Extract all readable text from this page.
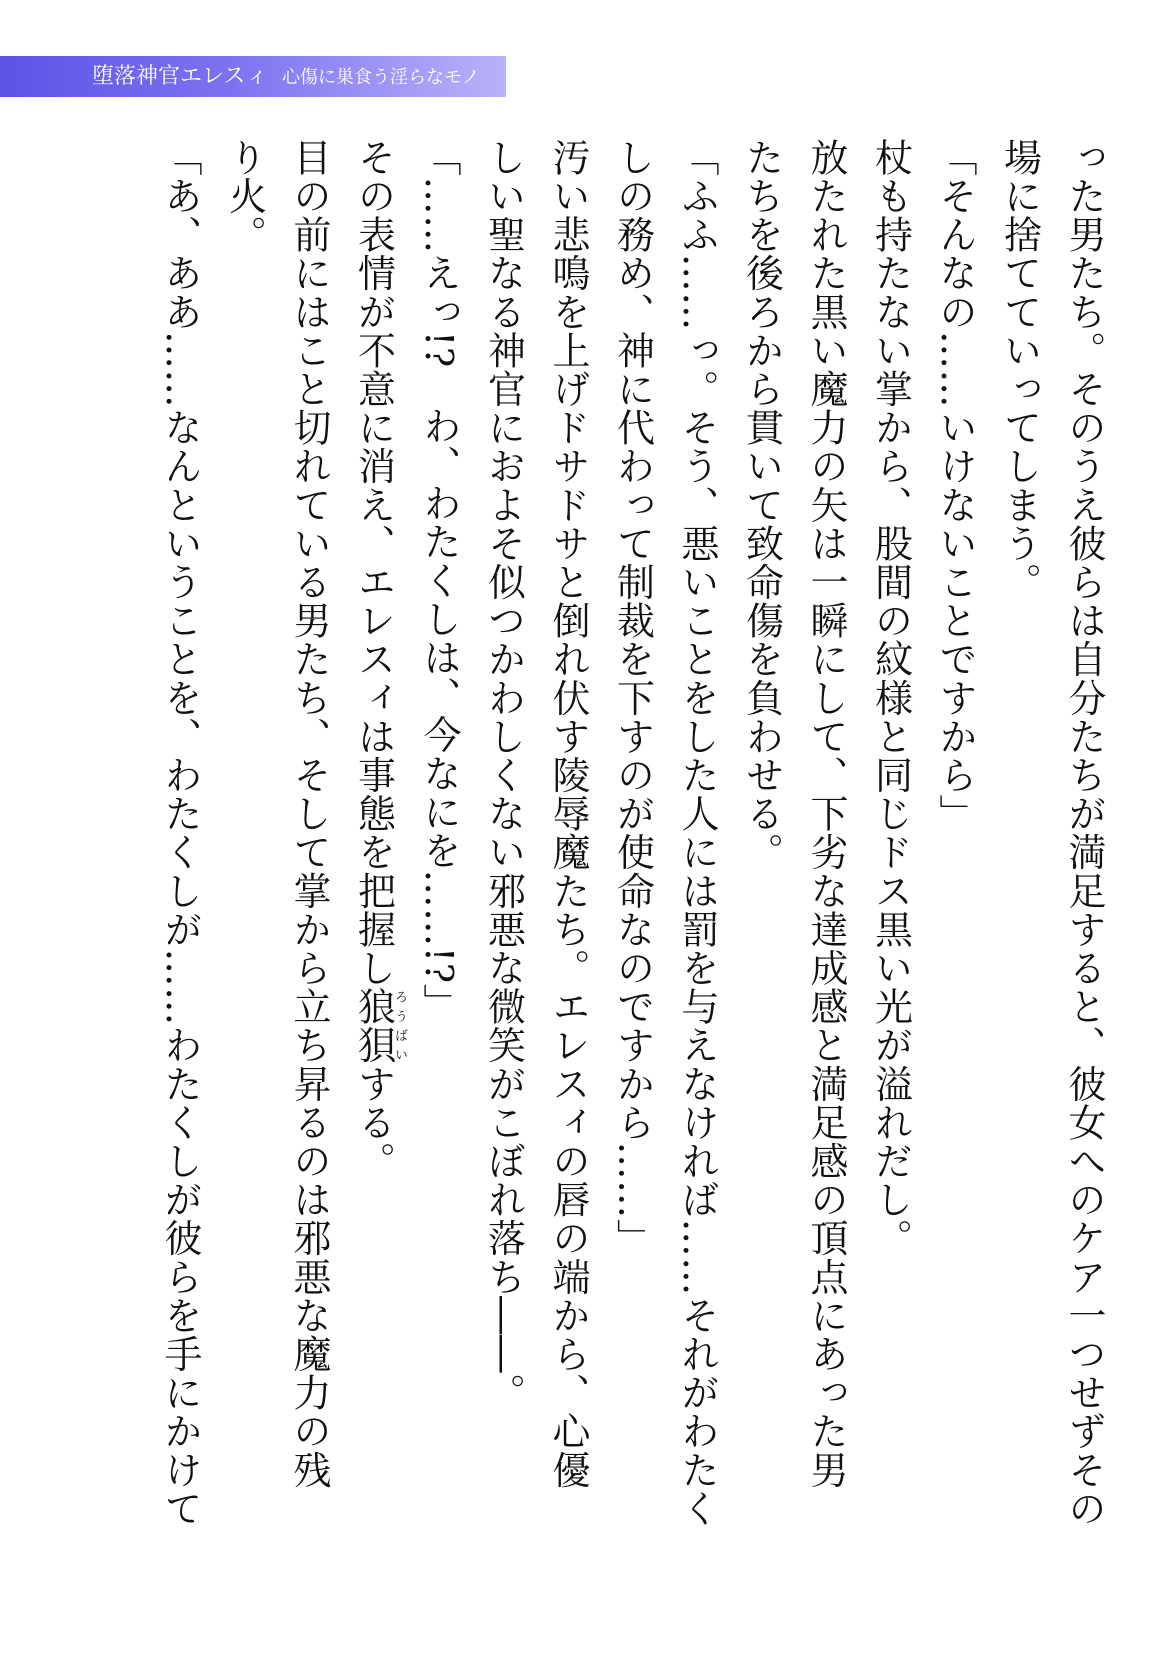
堕落神官エレスィ 心傷に巣食う淫らなモノ
った男たち。そのうえ彼らは自分たちが満足すると、彼女へのケア一つせずその
場に捨てていってしまう。
「そんなの……いけないことですから」
杖も持たない掌から、股間の紋様と同じドス黒い光が溢れだし。
放たれた黒い魔力の矢は一瞬にして、下劣な達成感と満足感の頂点にあった男
たちを後ろから貫いて致命傷を負わせる。
「ふふ……っ。そう、悪いことをした人には罰を与えなければ……それがわたく
しの務め、神に代わって制裁を下すのが使命なのですから……」
汚い悲鳴を上げドサドサと倒れ伏す陵辱魔たち。エレスィの唇の端から、心優
しい聖なる神官におよそ似つかわしくない邪悪な微笑がこぼれ落ち――。
「……えっ!?　わ、わたくしは、今なにを……!?」
その表情が不意に消え、エレスィは事態を把握し狼狽ろうばいする。
目の前にはこと切れている男たち、そして掌から立ち昇るのは邪悪な魔力の残
り火。
「あ、ああ……なんということを、わたくしが……わたくしが彼らを手にかけて
